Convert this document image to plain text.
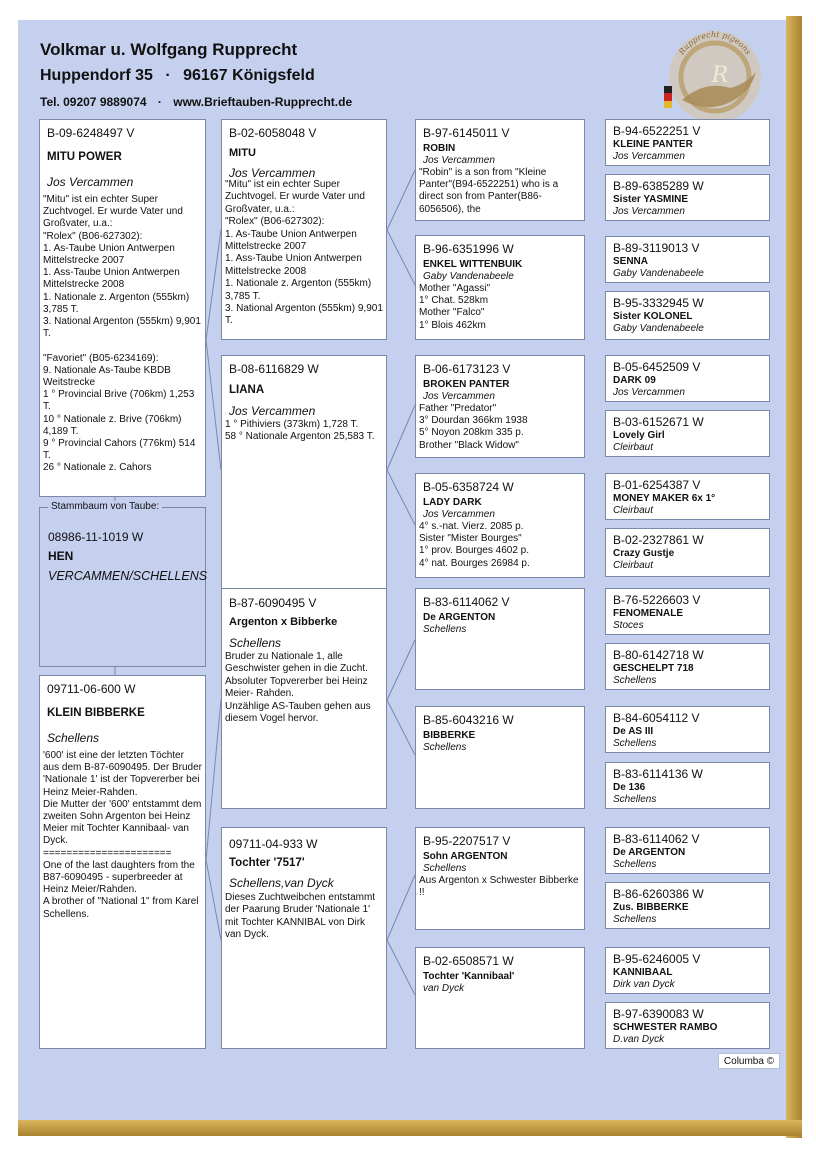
Volkmar u. Wolfgang Rupprecht
Huppendorf 35 · 96167 Königsfeld
Tel. 09207 9889074 · www.Brieftauben-Rupprecht.de
Rupprecht pigeons
R
B-09-6248497 V
MITU POWER
Jos Vercammen
"Mitu" ist ein echter Super Zuchtvogel. Er wurde Vater und Großvater, u.a.:
"Rolex" (B06-627302):
1. As-Taube Union Antwerpen Mittelstrecke 2007
1. Ass-Taube Union Antwerpen Mittelstrecke 2008
1. Nationale z. Argenton (555km) 3,785 T.
3. National Argenton (555km) 9,901 T.

"Favoriet" (B05-6234169):
9. Nationale As-Taube KBDB Weitstrecke
1 ° Provincial Brive (706km) 1,253 T.
10 ° Nationale z. Brive (706km) 4,189 T.
9 ° Provincial Cahors (776km) 514 T.
26 ° Nationale z. Cahors
09711-06-600 W
KLEIN BIBBERKE
Schellens
'600' ist eine der letzten Töchter aus dem B-87-6090495. Der Bruder 'Nationale 1' ist der Topvererber bei Heinz Meier-Rahden.
Die Mutter der '600' entstammt dem zweiten Sohn Argenton bei Heinz Meier mit Tochter Kannibaal- van Dyck.
======================
One of the last daughters from the B87-6090495 - superbreeder at Heinz Meier/Rahden.
A brother of "National 1" from Karel Schellens.
B-02-6058048 V
MITU
Jos Vercammen
"Mitu" ist ein echter Super Zuchtvogel. Er wurde Vater und Großvater, u.a.:
"Rolex" (B06-627302):
1. As-Taube Union Antwerpen Mittelstrecke 2007
1. Ass-Taube Union Antwerpen Mittelstrecke 2008
1. Nationale z. Argenton (555km) 3,785 T.
3. National Argenton (555km) 9,901 T.
B-08-6116829 W
LIANA
Jos Vercammen
1 ° Pithiviers (373km) 1,728 T.
58 ° Nationale Argenton 25,583 T.
B-87-6090495 V
Argenton x Bibberke
Schellens
Bruder zu Nationale 1, alle Geschwister gehen in die Zucht. Absoluter Topvererber bei Heinz Meier- Rahden.
Unzählige AS-Tauben gehen aus diesem Vogel hervor.
09711-04-933 W
Tochter '7517'
Schellens,van Dyck
Dieses Zuchtweibchen entstammt der Paarung Bruder 'Nationale 1' mit Tochter KANNIBAL von Dirk van Dyck.
B-97-6145011 V
ROBIN
Jos Vercammen
"Robin" is a son from "Kleine Panter"(B94-6522251) who is a direct son from Panter(B86-6056506), the
B-96-6351996 W
ENKEL WITTENBUIK
Gaby Vandenabeele
Mother "Agassi"
1° Chat. 528km
Mother "Falco"
1° Blois 462km
B-06-6173123 V
BROKEN PANTER
Jos Vercammen
Father "Predator"
3° Dourdan 366km 1938
5° Noyon 208km 335 p.
Brother "Black Widow"
B-05-6358724 W
LADY DARK
Jos Vercammen
4° s.-nat. Vierz. 2085 p.
Sister "Mister Bourges"
1° prov. Bourges 4602 p.
4° nat. Bourges 26984 p.
B-83-6114062 V
De ARGENTON
Schellens
B-85-6043216 W
BIBBERKE
Schellens
B-95-2207517 V
Sohn ARGENTON
Schellens
Aus Argenton x Schwester Bibberke !!
B-02-6508571 W
Tochter 'Kannibaal'
van Dyck
B-94-6522251 V
KLEINE PANTER
Jos Vercammen
B-89-6385289 W
Sister YASMINE
Jos Vercammen
B-89-3119013 V
SENNA
Gaby Vandenabeele
B-95-3332945 W
Sister KOLONEL
Gaby Vandenabeele
B-05-6452509 V
DARK 09
Jos Vercammen
B-03-6152671 W
Lovely Girl
Cleirbaut
B-01-6254387 V
MONEY MAKER 6x 1°
Cleirbaut
B-02-2327861 W
Crazy Gustje
Cleirbaut
B-76-5226603 V
FENOMENALE
Stoces
B-80-6142718 W
GESCHELPT 718
Schellens
B-84-6054112 V
De AS III
Schellens
B-83-6114136 W
De 136
Schellens
B-83-6114062 V
De ARGENTON
Schellens
B-86-6260386 W
Zus. BIBBERKE
Schellens
B-95-6246005 V
KANNIBAAL
Dirk van Dyck
B-97-6390083 W
SCHWESTER RAMBO
D.van Dyck
08986-11-1019 W
HEN
VERCAMMEN/SCHELLENS
Stammbaum von Taube:
Columba ©
